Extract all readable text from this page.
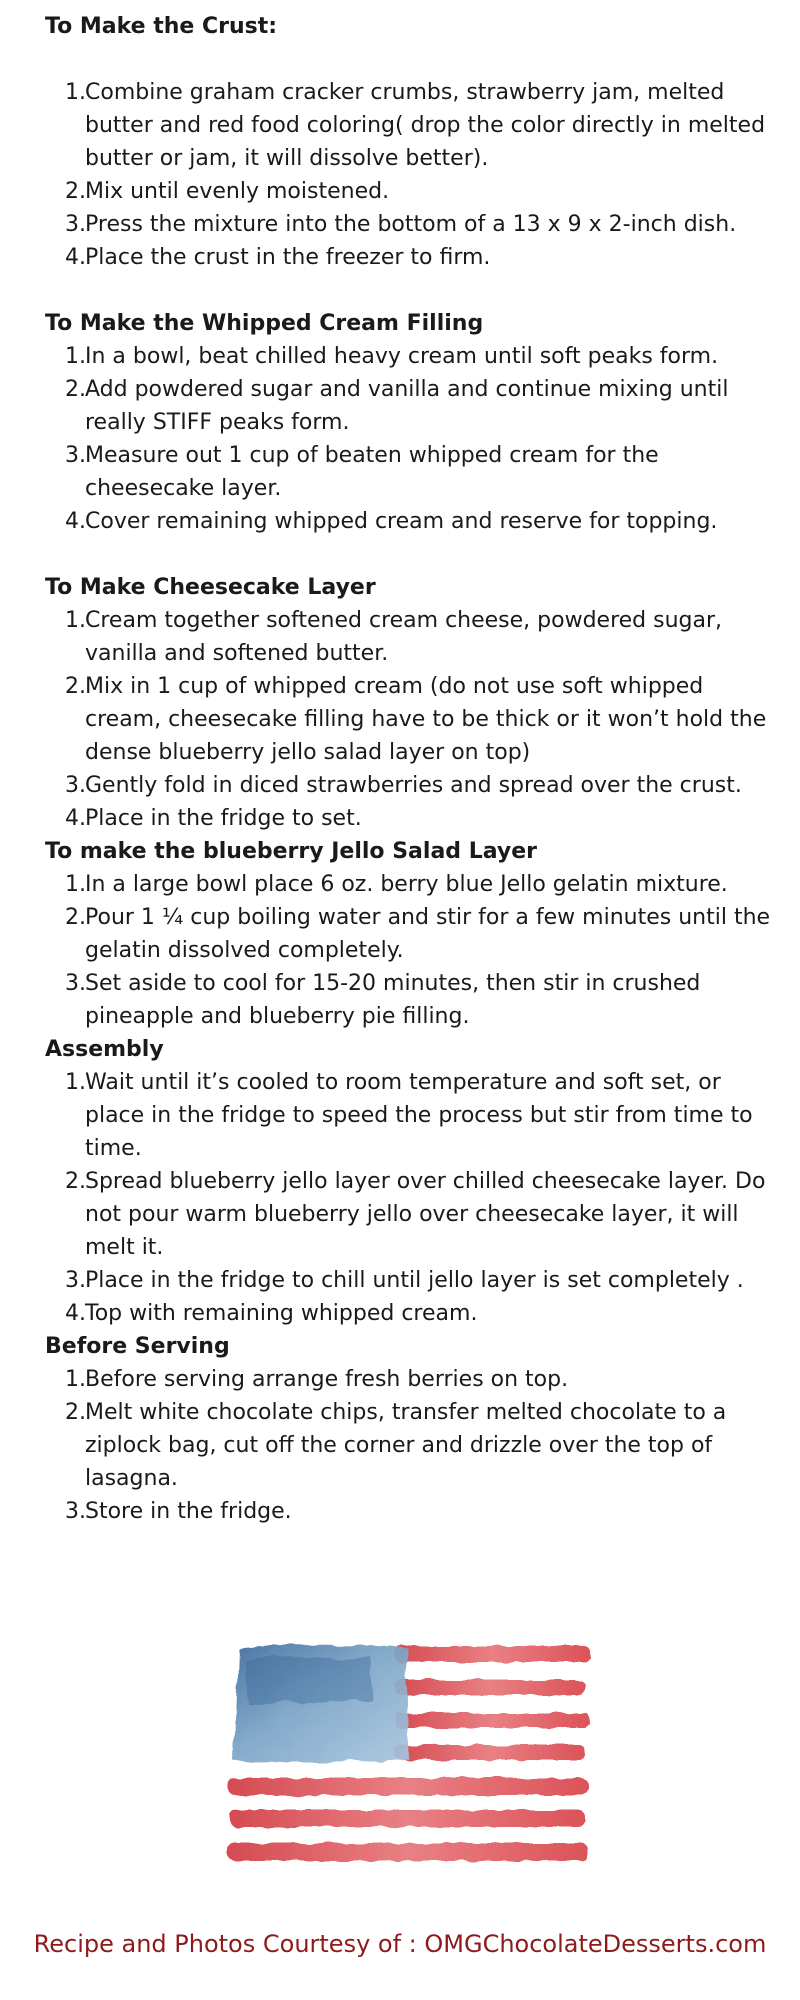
To Make the Crust:
1. Combine graham cracker crumbs, strawberry jam, melted butter and red food coloring( drop the color directly in melted butter or jam, it will dissolve better).
2. Mix until evenly moistened.
3. Press the mixture into the bottom of a 13 x 9 x 2-inch dish.
4. Place the crust in the freezer to firm.
To Make the Whipped Cream Filling
1. In a bowl, beat chilled heavy cream until soft peaks form.
2. Add powdered sugar and vanilla and continue mixing until really STIFF peaks form.
3. Measure out 1 cup of beaten whipped cream for the cheesecake layer.
4. Cover remaining whipped cream and reserve for topping.
To Make Cheesecake Layer
1. Cream together softened cream cheese, powdered sugar, vanilla and softened butter.
2. Mix in 1 cup of whipped cream (do not use soft whipped cream, cheesecake filling have to be thick or it won’t hold the dense blueberry jello salad layer on top)
3. Gently fold in diced strawberries and spread over the crust.
4. Place in the fridge to set.
To make the blueberry Jello Salad Layer
1. In a large bowl place 6 oz. berry blue Jello gelatin mixture.
2. Pour 1 ¼ cup boiling water and stir for a few minutes until the gelatin dissolved completely.
3. Set aside to cool for 15-20 minutes, then stir in crushed pineapple and blueberry pie filling.
Assembly
1. Wait until it’s cooled to room temperature and soft set, or place in the fridge to speed the process but stir from time to time.
2. Spread blueberry jello layer over chilled cheesecake layer. Do not pour warm blueberry jello over cheesecake layer, it will melt it.
3. Place in the fridge to chill until jello layer is set completely .
4. Top with remaining whipped cream.
Before Serving
1. Before serving arrange fresh berries on top.
2. Melt white chocolate chips, transfer melted chocolate to a ziplock bag, cut off the corner and drizzle over the top of lasagna.
3. Store in the fridge.
Recipe and Photos Courtesy of : OMGChocolateDesserts.com
